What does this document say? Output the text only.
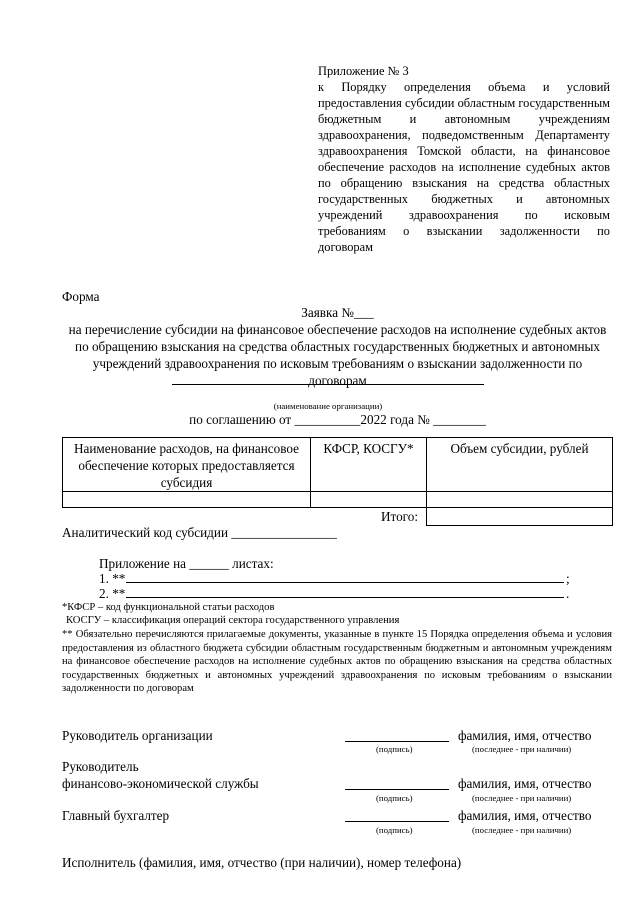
Приложение № 3
к Порядку определения объема и условий предоставления субсидии областным государственным бюджетным и автономным учреждениям здравоохранения, подведомственным Департаменту здравоохранения Томской области, на финансовое обеспечение расходов на исполнение судебных актов по обращению взыскания на средства областных государственных бюджетных и автономных учреждений здравоохранения по исковым требованиям о взыскании задолженности по договорам
Форма
Заявка №___
на перечисление субсидии на финансовое обеспечение расходов на исполнение судебных актов по обращению взыскания на средства областных государственных бюджетных и автономных учреждений здравоохранения по исковым требованиям о взыскании задолженности по договорам
(наименование организации)
по соглашению от __________2022 года № ________
Наименование расходов, на финансовое обеспечение которых предоставляется субсидия	КФСР, КОСГУ*	Объем субсидии, рублей

	Итого:	
Аналитический код субсидии ________________
Приложение на ______ листах:
1. **	;
2. **	.
*КФСР – код функциональной статьи расходов
КОСГУ – классификация операций сектора государственного управления
** Обязательно перечисляются прилагаемые документы, указанные в пункте 15 Порядка определения объема и условия предоставления из областного бюджета субсидии областным государственным бюджетным и автономным учреждениям на финансовое обеспечение расходов на исполнение судебных актов по обращению взыскания на средства областных государственных бюджетных и автономных учреждений здравоохранения по исковым требованиям о взыскании задолженности по договорам
Руководитель организации	фамилия, имя, отчество
(подпись)	(последнее - при наличии)
Руководитель
финансово-экономической службы	фамилия, имя, отчество
(подпись)	(последнее - при наличии)
Главный бухгалтер	фамилия, имя, отчество
(подпись)	(последнее - при наличии)
Исполнитель (фамилия, имя, отчество (при наличии), номер телефона)
